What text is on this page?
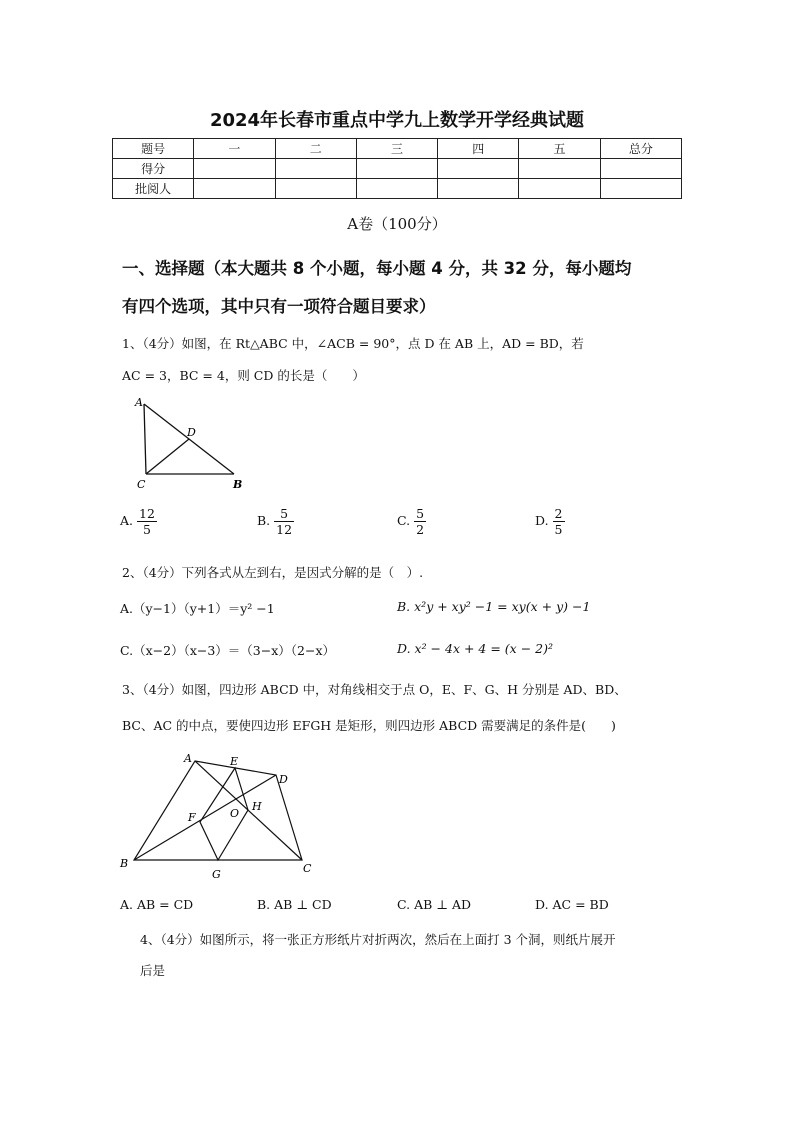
2024年长春市重点中学九上数学开学经典试题
题号	一	二	三	四	五	总分
得分						
批阅人						
A卷（100分）
一、选择题（本大题共 8 个小题，每小题 4 分，共 32 分，每小题均
有四个选项，其中只有一项符合题目要求）
1、（4分）如图，在 Rt△ABC 中，∠ACB = 90°，点 D 在 AB 上，AD = BD，若
AC = 3，BC = 4，则 CD 的长是（　　）
A
D
C	B
A. $\frac{12}{5}$	B. $\frac{5}{12}$	C. $\frac{5}{2}$	D. $\frac{2}{5}$
2、（4分）下列各式从左到右，是因式分解的是（　）.
A.（y−1）（y+1）＝y² −1	B. x²y + xy² −1 = xy(x + y) −1
C.（x−2）（x−3）＝（3−x）（2−x）	D. x² − 4x + 4 = (x − 2)²
3、（4分）如图，四边形 ABCD 中，对角线相交于点 O，E、F、G、H 分别是 AD、BD、
BC、AC 的中点，要使四边形 EFGH 是矩形，则四边形 ABCD 需要满足的条件是(　　)
A	E
D
F	O
H
B
G	C
A. AB = CD	B. AB ⊥ CD	C. AB ⊥ AD	D. AC = BD
4、（4分）如图所示，将一张正方形纸片对折两次，然后在上面打 3 个洞，则纸片展开
后是
